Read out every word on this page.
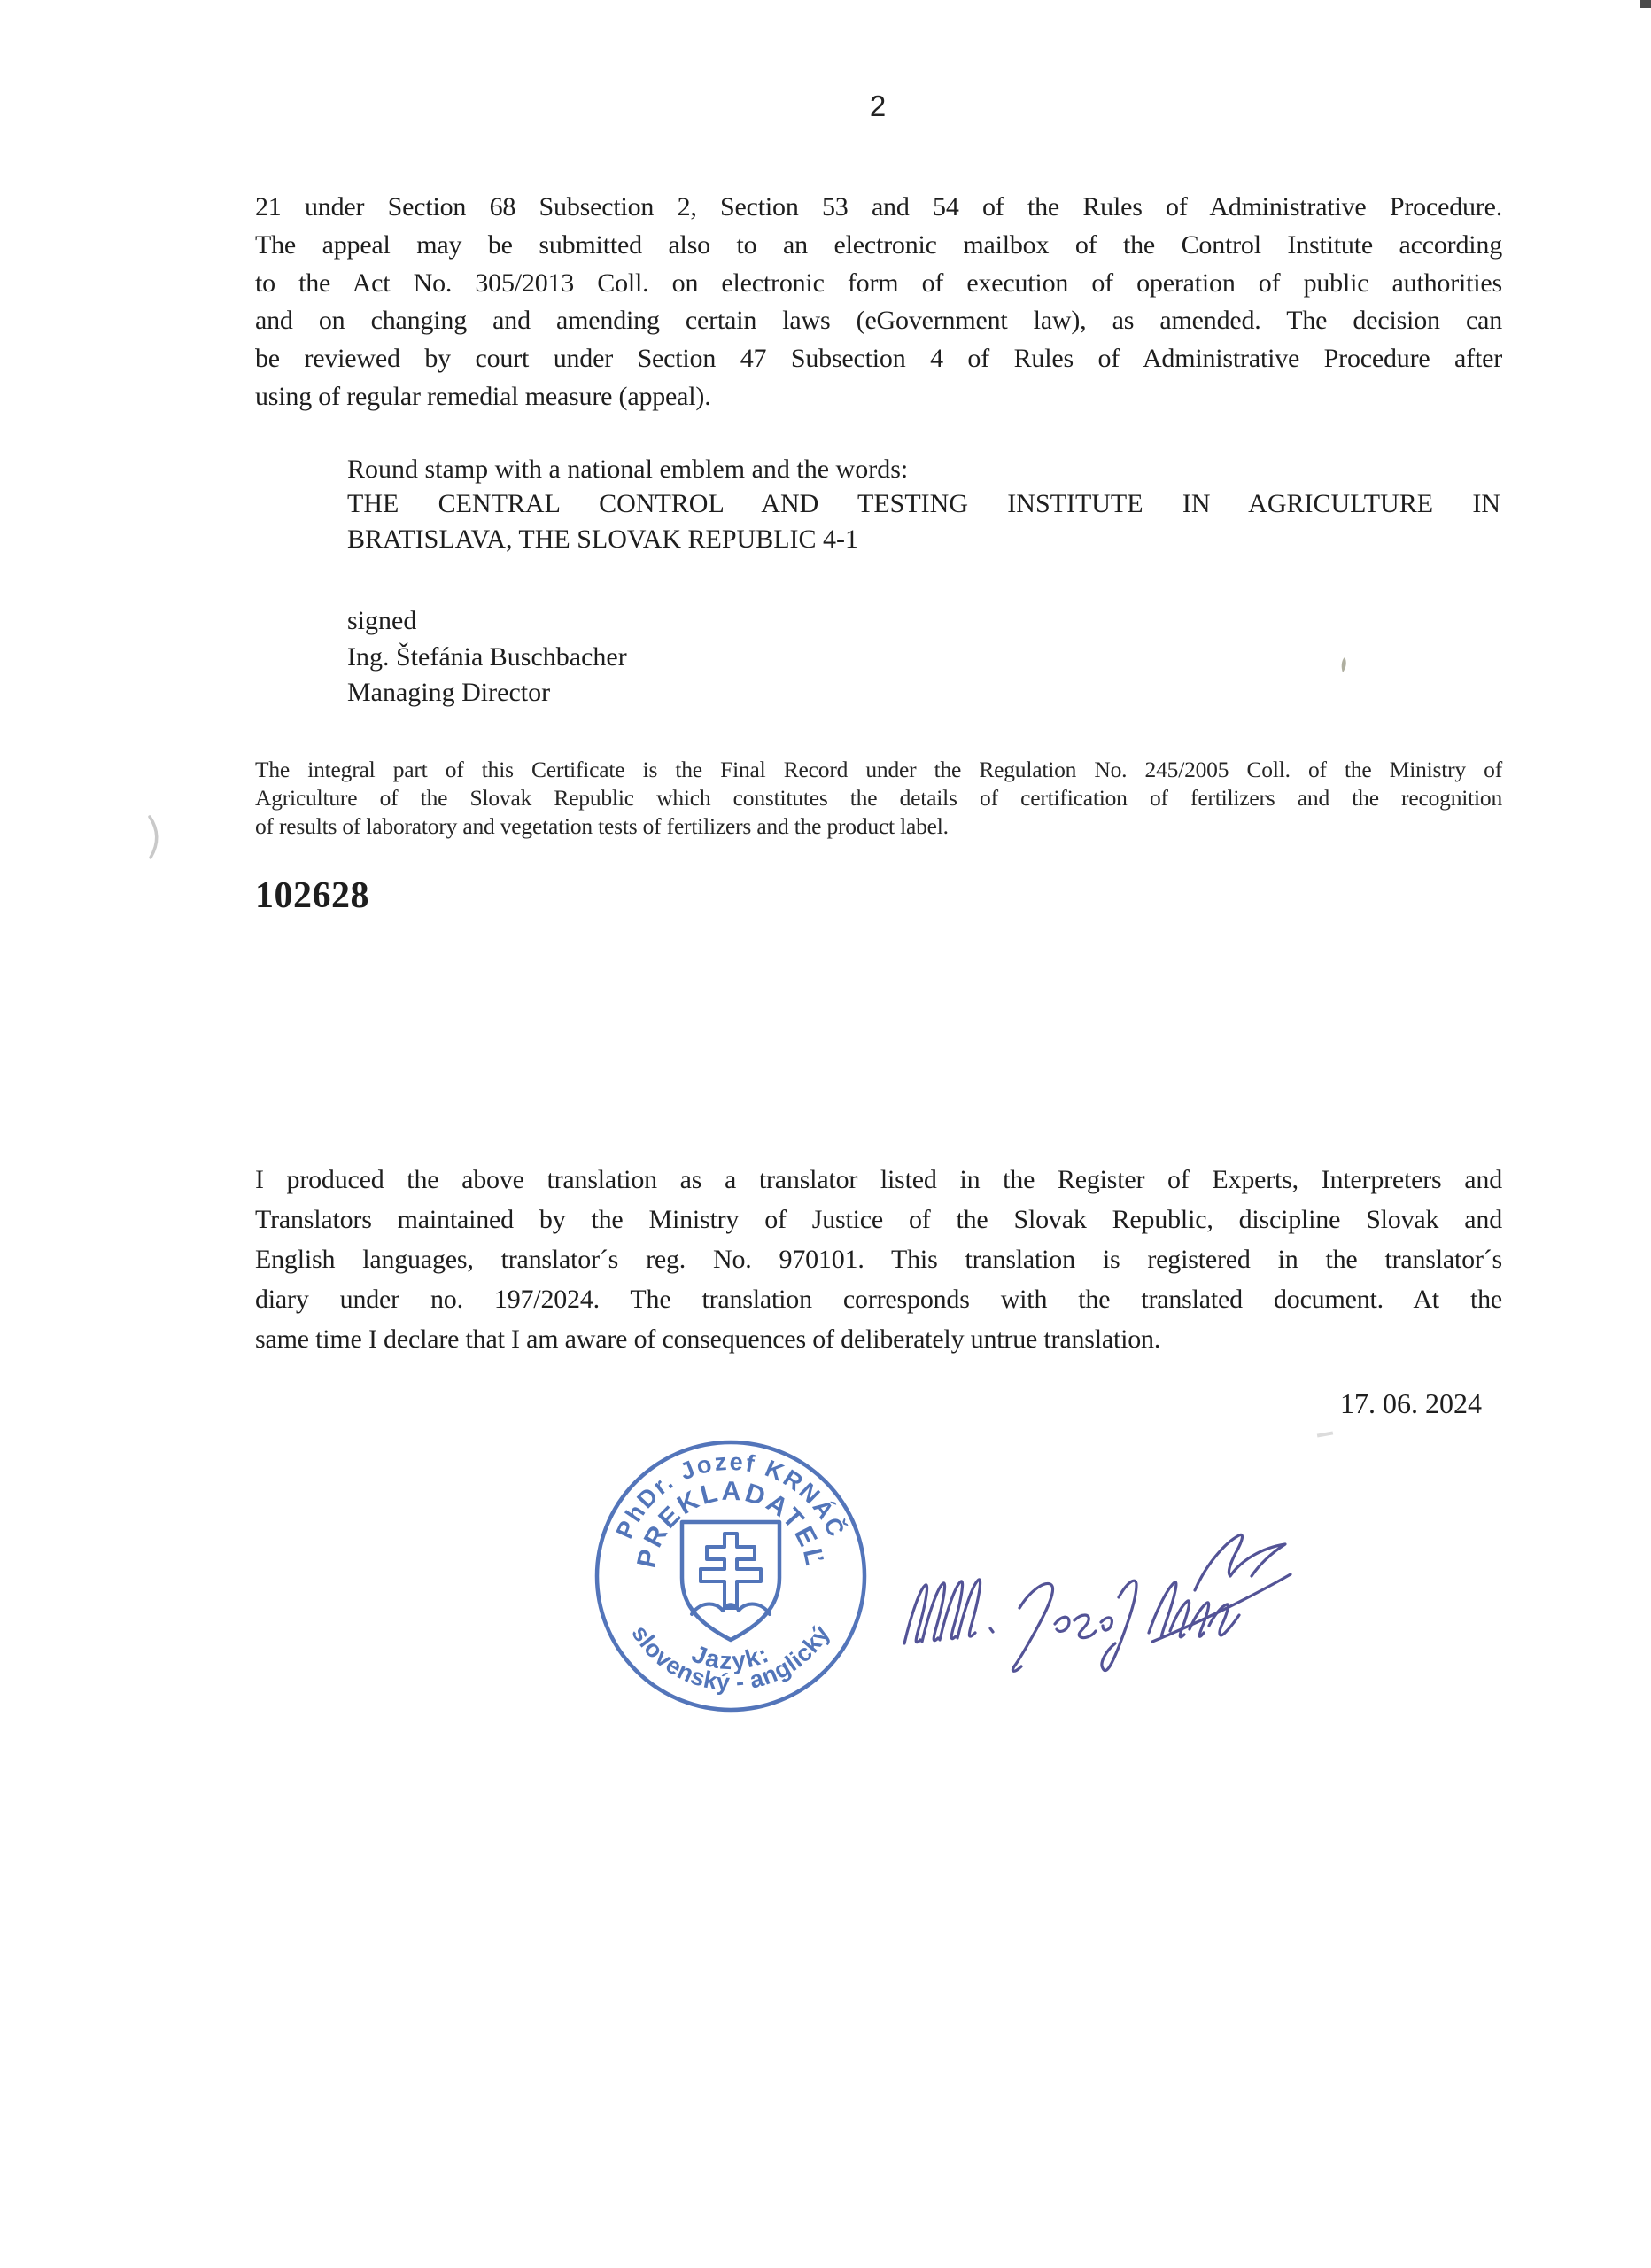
2
21 under Section 68 Subsection 2, Section 53 and 54 of the Rules of Administrative Procedure.
The appeal may be submitted also to an electronic mailbox of the Control Institute according
to the Act No. 305/2013 Coll. on electronic form of execution of operation of public authorities
and on changing and amending certain laws (eGovernment law), as amended. The decision can
be reviewed by court under Section 47 Subsection 4 of Rules of Administrative Procedure after
using of regular remedial measure (appeal).
Round stamp with a national emblem and the words:
THE CENTRAL CONTROL AND TESTING INSTITUTE IN AGRICULTURE IN
BRATISLAVA, THE SLOVAK REPUBLIC 4-1
signed
Ing. Štefánia Buschbacher
Managing Director
The integral part of this Certificate is the Final Record under the Regulation No. 245/2005 Coll. of the Ministry of
Agriculture of the Slovak Republic which constitutes the details of certification of fertilizers and the recognition
of results of laboratory and vegetation tests of fertilizers and the product label.
102628
I produced the above translation as a translator listed in the Register of Experts, Interpreters and
Translators maintained by the Ministry of Justice of the Slovak Republic, discipline Slovak and
English languages, translator´s reg. No. 970101. This translation is registered in the translator´s
diary under no. 197/2024. The translation corresponds with the translated document. At the
same time I declare that I am aware of consequences of deliberately untrue translation.
17. 06. 2024
PhDr. Jozef KRNÁČ
PREKLADATEĽ
Jazyk:
slovenský - anglický
